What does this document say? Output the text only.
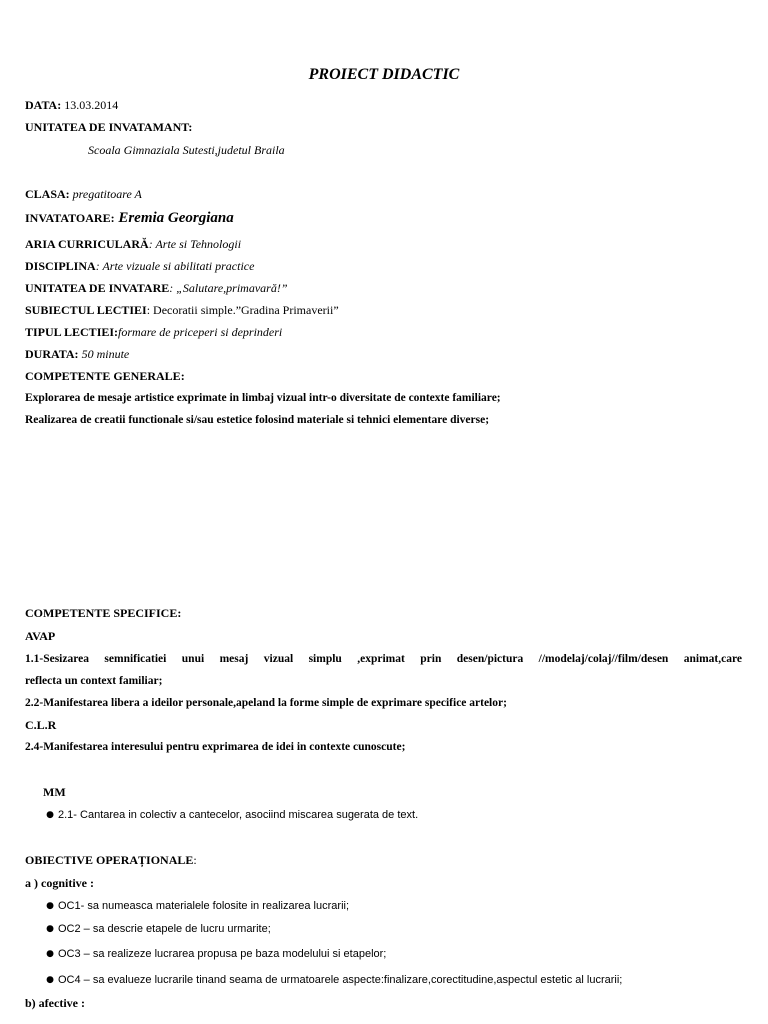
PROIECT DIDACTIC
DATA: 13.03.2014
UNITATEA DE INVATAMANT:
Scoala Gimnaziala Sutesti,judetul Braila
CLASA: pregatitoare A
INVATATOARE: Eremia Georgiana
ARIA CURRICULARĂ: Arte si Tehnologii
DISCIPLINA: Arte vizuale si abilitati practice
UNITATEA DE INVATARE: „Salutare,primavară!”
SUBIECTUL LECTIEI: Decoratii simple.”Gradina Primaverii”
TIPUL LECTIEI:formare de priceperi si deprinderi
DURATA: 50 minute
COMPETENTE GENERALE:
Explorarea de mesaje artistice exprimate in limbaj vizual intr-o diversitate de contexte familiare;
Realizarea de creatii functionale si/sau estetice folosind materiale si tehnici elementare diverse;
COMPETENTE SPECIFICE:
AVAP
1.1-Sesizarea semnificatiei unui mesaj vizual simplu ,exprimat prin desen/pictura //modelaj/colaj//film/desen animat,care
reflecta un context familiar;
2.2-Manifestarea libera a ideilor personale,apeland la forme simple de exprimare specifice artelor;
C.L.R
2.4-Manifestarea interesului pentru exprimarea de idei in contexte cunoscute;
MM
● 2.1- Cantarea in colectiv a cantecelor, asociind miscarea sugerata de text.
OBIECTIVE OPERAȚIONALE:
a ) cognitive :
● OC1- sa numeasca materialele folosite in realizarea lucrarii;
● OC2 – sa descrie etapele de lucru urmarite;
● OC3 – sa realizeze lucrarea propusa pe baza modelului si etapelor;
● OC4 – sa evalueze lucrarile tinand seama de urmatoarele aspecte:finalizare,corectitudine,aspectul estetic al lucrarii;
b) afective :
